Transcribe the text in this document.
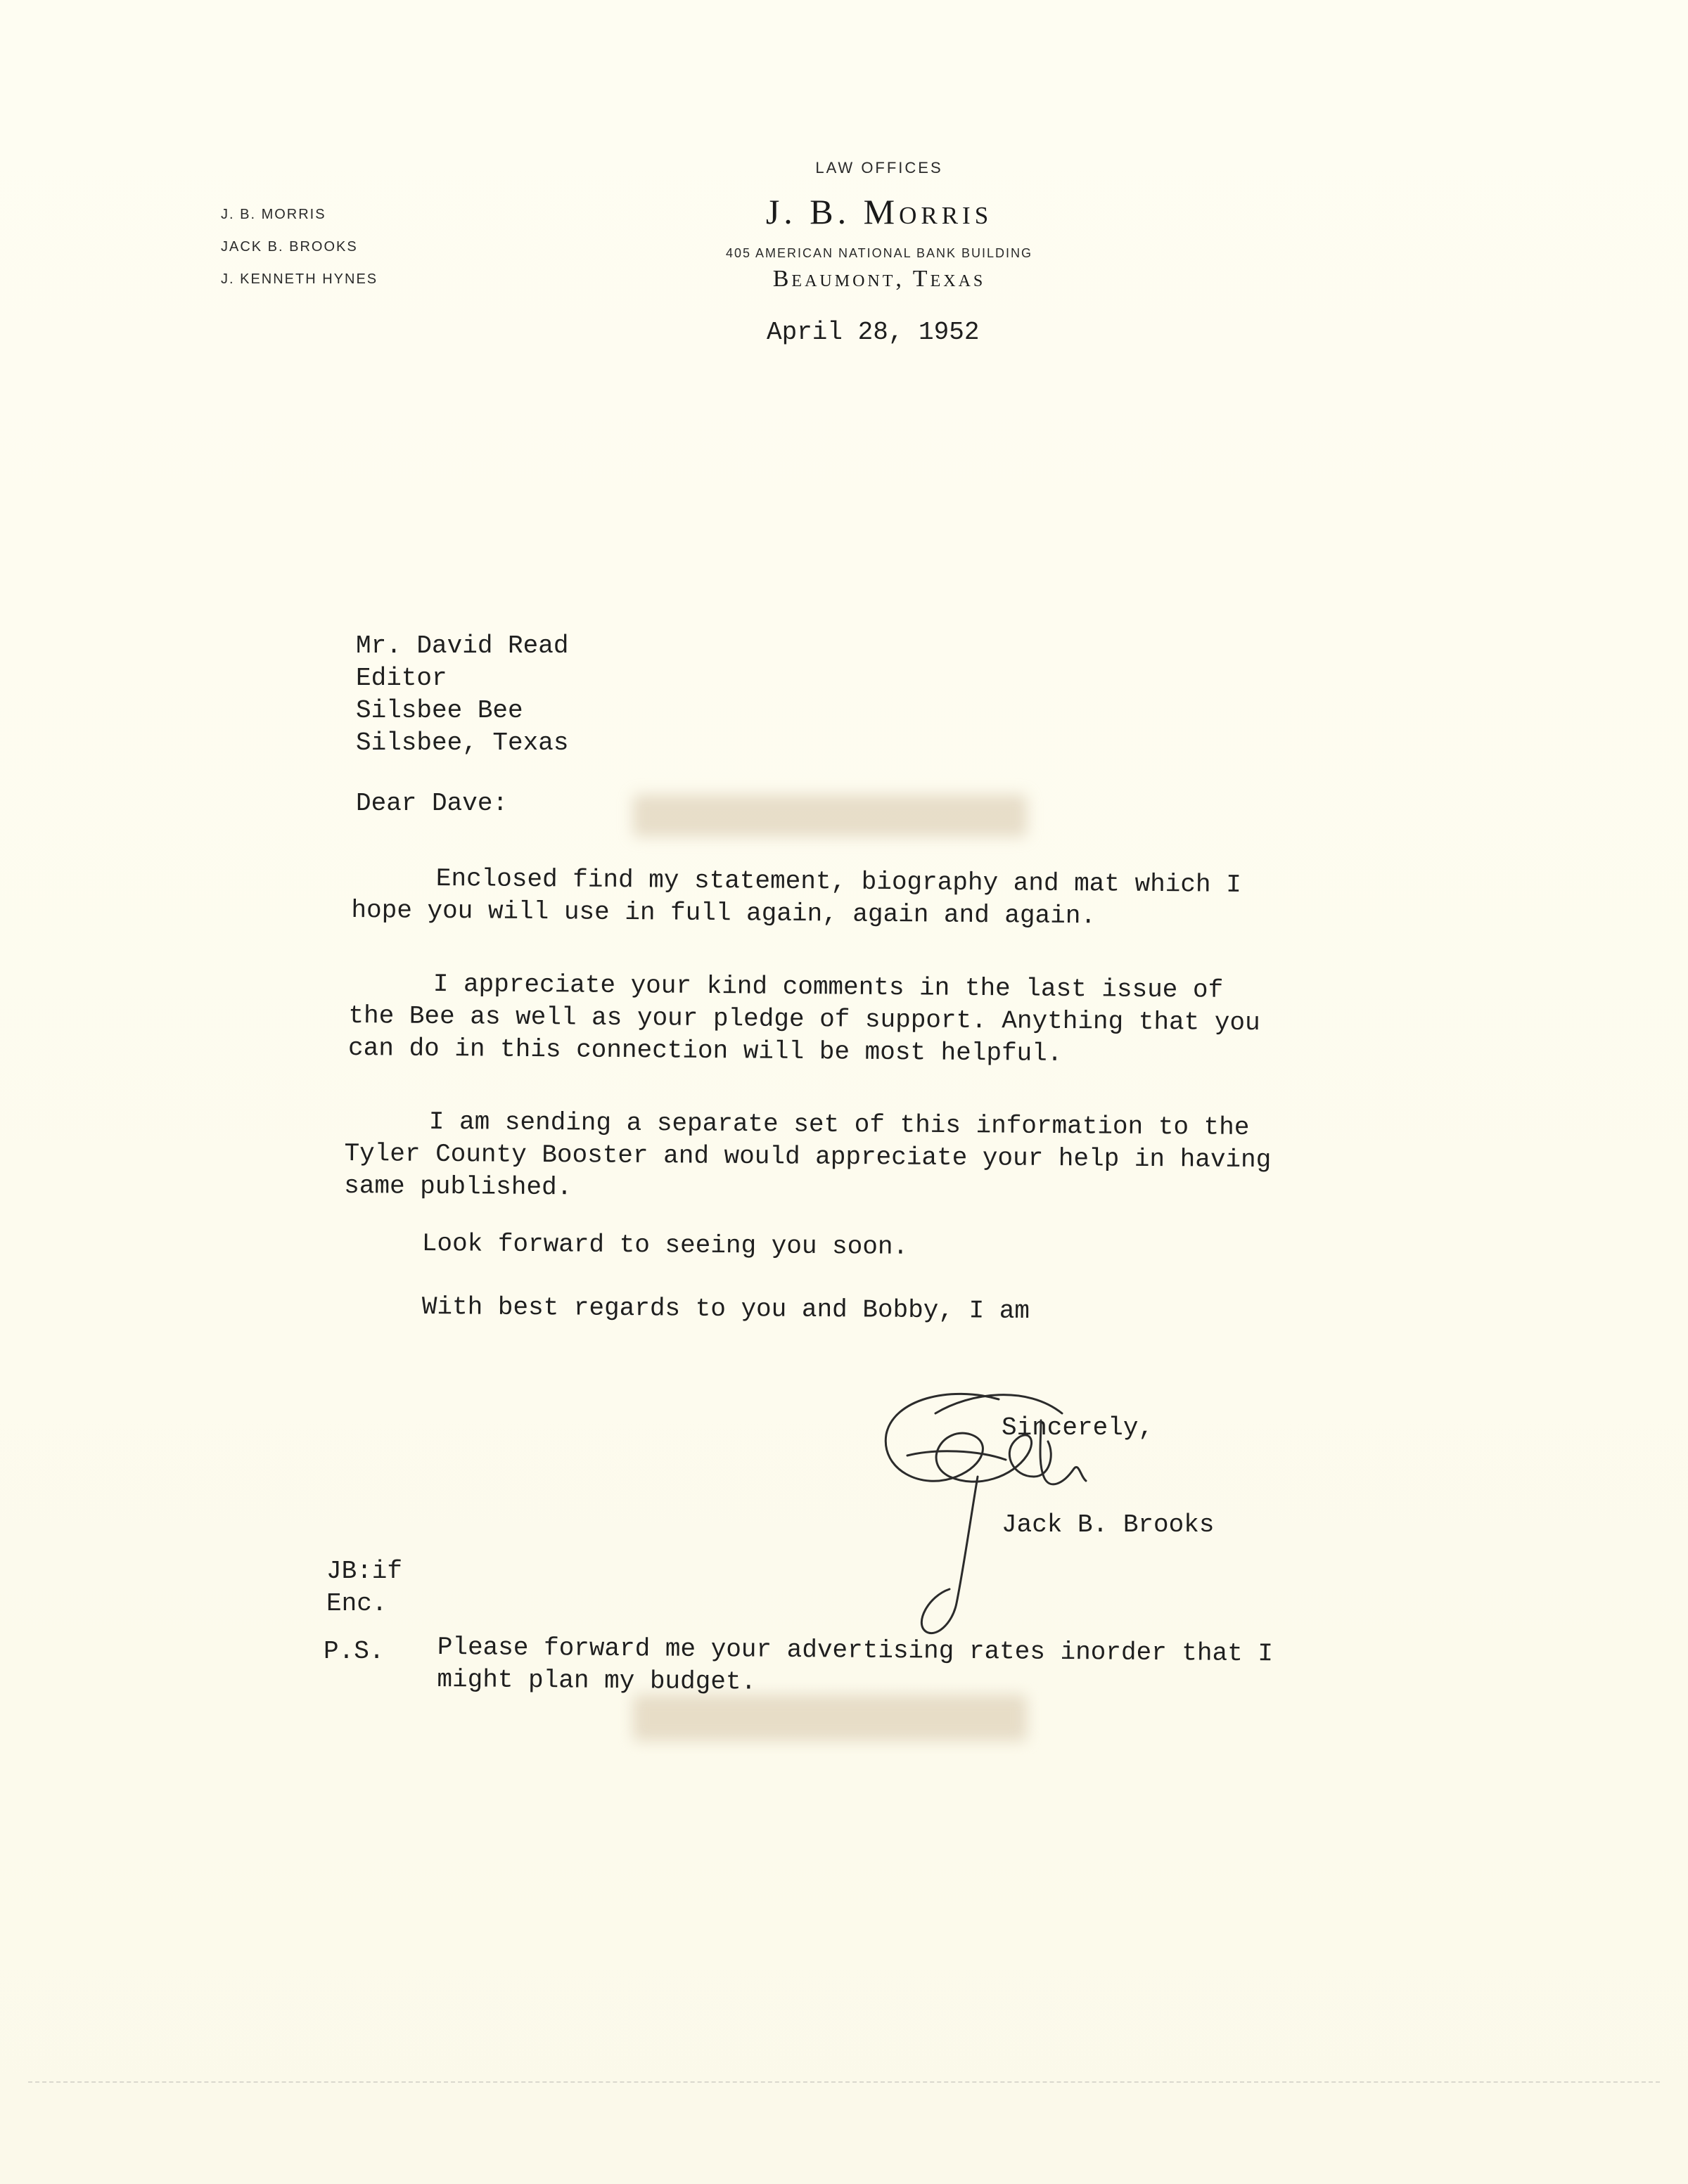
J. B. MORRIS
JACK B. BROOKS
J. KENNETH HYNES
LAW OFFICES
J. B. Morris
405 AMERICAN NATIONAL BANK BUILDING
Beaumont, Texas
April 28, 1952
Mr. David Read
Editor
Silsbee Bee
Silsbee, Texas
Dear Dave:
Enclosed find my statement, biography and mat which I
hope you will use in full again, again and again.
I appreciate your kind comments in the last issue of
the Bee as well as your pledge of support. Anything that you
can do in this connection will be most helpful.
I am sending a separate set of this information to the
Tyler County Booster and would appreciate your help in having
same published.
Look forward to seeing you soon.
With best regards to you and Bobby, I am
Sincerely,
Jack B. Brooks
JB:if
Enc.
P.S. Please forward me your advertising rates inorder that I
might plan my budget.
